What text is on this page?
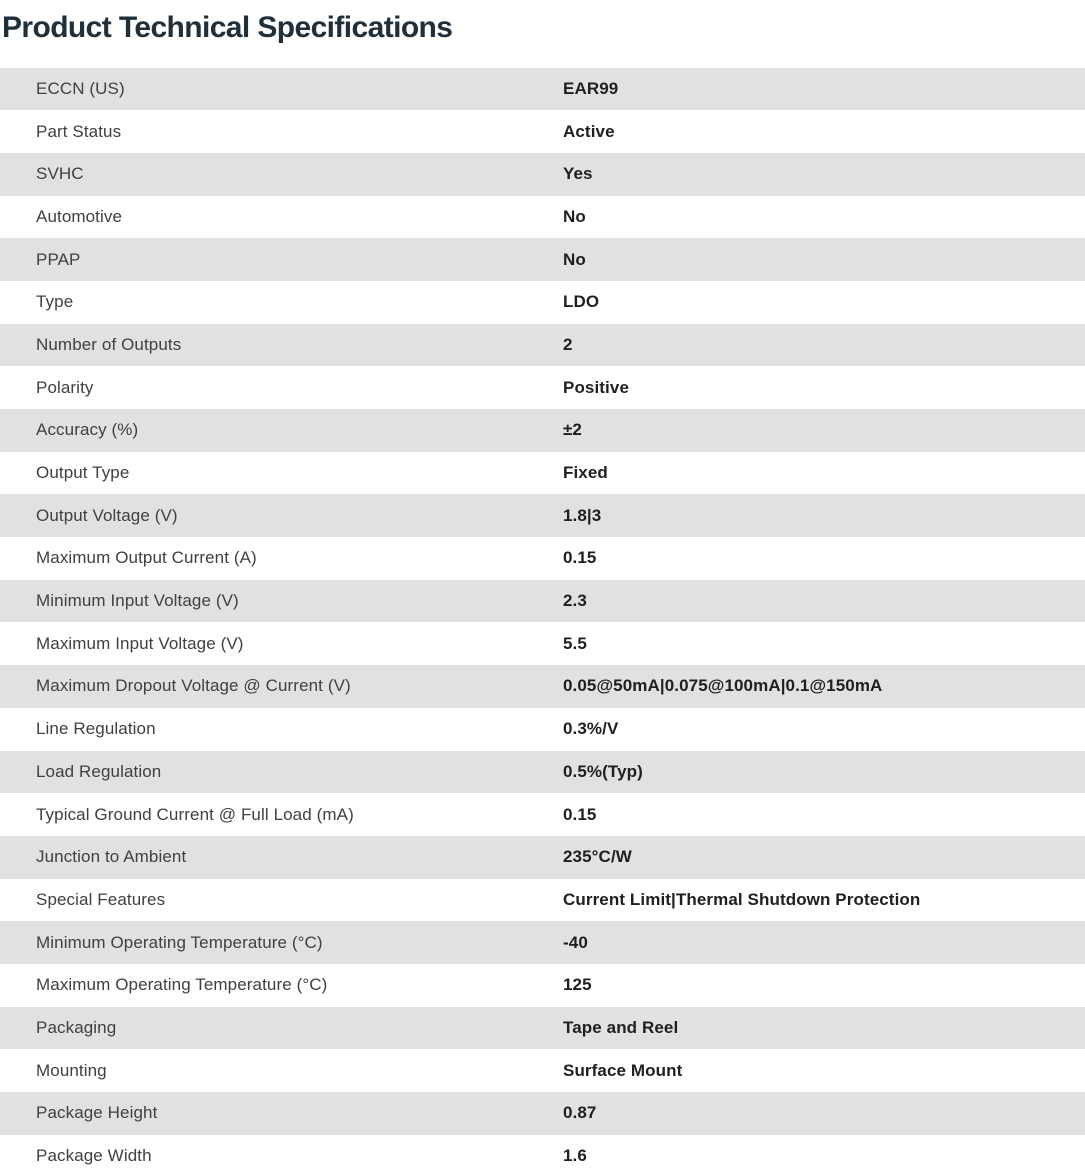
Product Technical Specifications
ECCN (US)	EAR99
Part Status	Active
SVHC	Yes
Automotive	No
PPAP	No
Type	LDO
Number of Outputs	2
Polarity	Positive
Accuracy (%)	±2
Output Type	Fixed
Output Voltage (V)	1.8|3
Maximum Output Current (A)	0.15
Minimum Input Voltage (V)	2.3
Maximum Input Voltage (V)	5.5
Maximum Dropout Voltage @ Current (V)	0.05@50mA|0.075@100mA|0.1@150mA
Line Regulation	0.3%/V
Load Regulation	0.5%(Typ)
Typical Ground Current @ Full Load (mA)	0.15
Junction to Ambient	235°C/W
Special Features	Current Limit|Thermal Shutdown Protection
Minimum Operating Temperature (°C)	-40
Maximum Operating Temperature (°C)	125
Packaging	Tape and Reel
Mounting	Surface Mount
Package Height	0.87
Package Width	1.6
